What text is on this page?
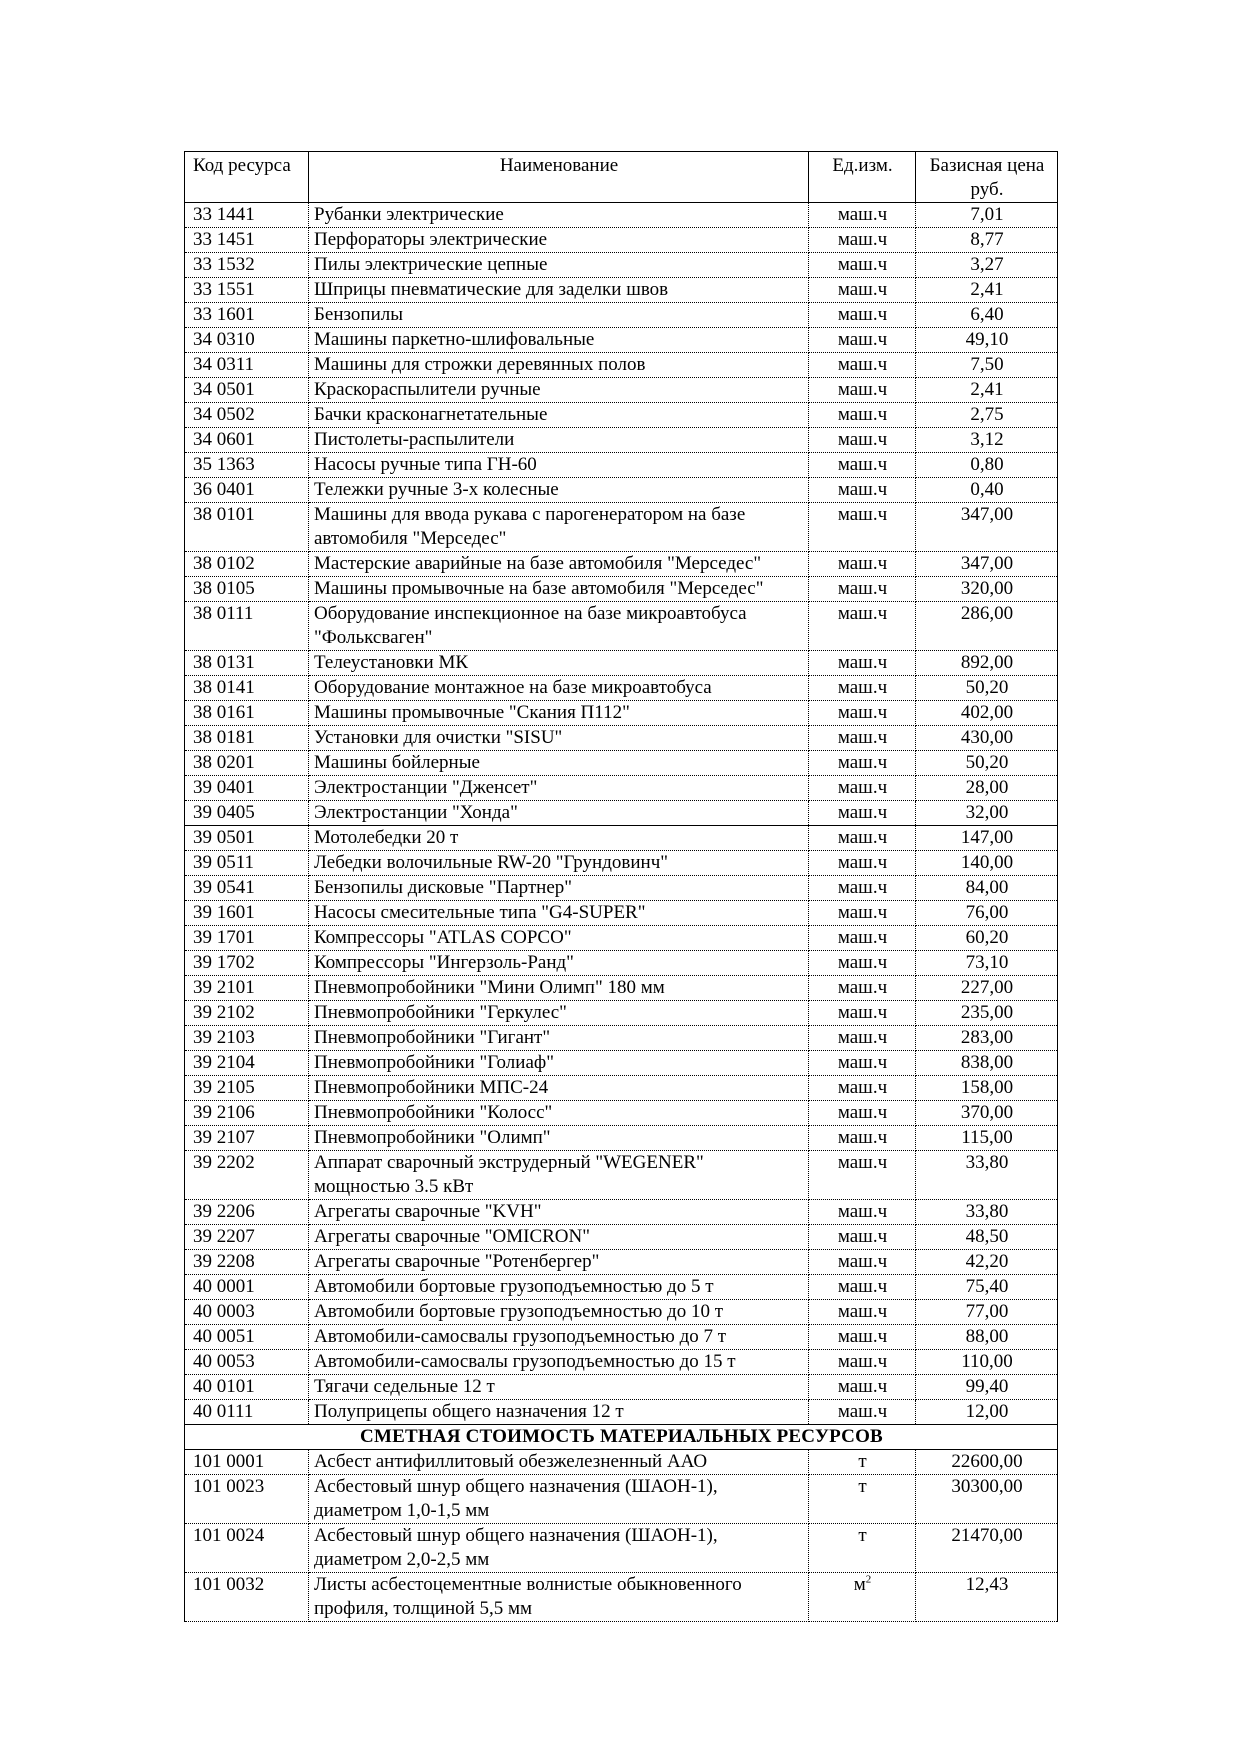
Код ресурса	Наименование	Ед.изм.	Базисная цена руб.
33 1441	Рубанки электрические	маш.ч	7,01
33 1451	Перфораторы электрические	маш.ч	8,77
33 1532	Пилы электрические цепные	маш.ч	3,27
33 1551	Шприцы пневматические для заделки швов	маш.ч	2,41
33 1601	Бензопилы	маш.ч	6,40
34 0310	Машины паркетно-шлифовальные	маш.ч	49,10
34 0311	Машины для строжки деревянных полов	маш.ч	7,50
34 0501	Краскораспылители ручные	маш.ч	2,41
34 0502	Бачки красконагнетательные	маш.ч	2,75
34 0601	Пистолеты-распылители	маш.ч	3,12
35 1363	Насосы ручные типа ГН-60	маш.ч	0,80
36 0401	Тележки ручные 3-х колесные	маш.ч	0,40
38 0101	Машины для ввода рукава с парогенератором на базе автомобиля "Мерседес"	маш.ч	347,00
38 0102	Мастерские аварийные на базе автомобиля "Мерседес"	маш.ч	347,00
38 0105	Машины промывочные на базе автомобиля "Мерседес"	маш.ч	320,00
38 0111	Оборудование инспекционное на базе микроавтобуса "Фольксваген"	маш.ч	286,00
38 0131	Телеустановки МК	маш.ч	892,00
38 0141	Оборудование монтажное на базе микроавтобуса	маш.ч	50,20
38 0161	Машины промывочные "Скания П112"	маш.ч	402,00
38 0181	Установки для очистки "SISU"	маш.ч	430,00
38 0201	Машины бойлерные	маш.ч	50,20
39 0401	Электростанции "Дженсет"	маш.ч	28,00
39 0405	Электростанции "Хонда"	маш.ч	32,00
39 0501	Мотолебедки 20 т	маш.ч	147,00
39 0511	Лебедки волочильные RW-20 "Грундовинч"	маш.ч	140,00
39 0541	Бензопилы дисковые "Партнер"	маш.ч	84,00
39 1601	Насосы смесительные типа "G4-SUPER"	маш.ч	76,00
39 1701	Компрессоры "ATLAS COPCO"	маш.ч	60,20
39 1702	Компрессоры "Ингерзоль-Ранд"	маш.ч	73,10
39 2101	Пневмопробойники "Мини Олимп" 180 мм	маш.ч	227,00
39 2102	Пневмопробойники "Геркулес"	маш.ч	235,00
39 2103	Пневмопробойники "Гигант"	маш.ч	283,00
39 2104	Пневмопробойники "Голиаф"	маш.ч	838,00
39 2105	Пневмопробойники МПС-24	маш.ч	158,00
39 2106	Пневмопробойники "Колосс"	маш.ч	370,00
39 2107	Пневмопробойники "Олимп"	маш.ч	115,00
39 2202	Аппарат сварочный экструдерный "WEGENER" мощностью 3.5 кВт	маш.ч	33,80
39 2206	Агрегаты сварочные "KVH"	маш.ч	33,80
39 2207	Агрегаты сварочные "OMICRON"	маш.ч	48,50
39 2208	Агрегаты сварочные "Ротенбергер"	маш.ч	42,20
40 0001	Автомобили бортовые грузоподъемностью до 5 т	маш.ч	75,40
40 0003	Автомобили бортовые грузоподъемностью до 10 т	маш.ч	77,00
40 0051	Автомобили-самосвалы грузоподъемностью до 7 т	маш.ч	88,00
40 0053	Автомобили-самосвалы грузоподъемностью до 15 т	маш.ч	110,00
40 0101	Тягачи седельные 12 т	маш.ч	99,40
40 0111	Полуприцепы общего назначения 12 т	маш.ч	12,00
СМЕТНАЯ СТОИМОСТЬ МАТЕРИАЛЬНЫХ РЕСУРСОВ			
101 0001	Асбест антифиллитовый обезжелезненный ААО	т	22600,00
101 0023	Асбестовый шнур общего назначения (ШАОН-1), диаметром 1,0-1,5 мм	т	30300,00
101 0024	Асбестовый шнур общего назначения (ШАОН-1), диаметром 2,0-2,5 мм	т	21470,00
101 0032	Листы асбестоцементные волнистые обыкновенного профиля, толщиной 5,5 мм	$м^2$	12,43
